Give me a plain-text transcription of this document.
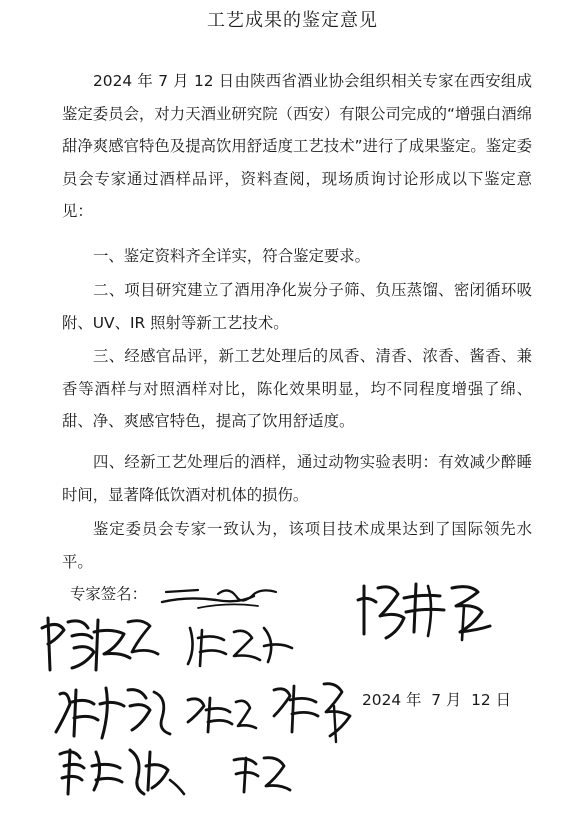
工艺成果的鉴定意见

2024 年 7 月 12 日由陕西省酒业协会组织相关专家在西安组成鉴定委员会，对力天酒业研究院（西安）有限公司完成的“增强白酒绵甜净爽感官特色及提高饮用舒适度工艺技术”进行了成果鉴定。鉴定委员会专家通过酒样品评，资料查阅，现场质询讨论形成以下鉴定意见：

一、鉴定资料齐全详实，符合鉴定要求。

二、项目研究建立了酒用净化炭分子筛、负压蒸馏、密闭循环吸附、UV、IR 照射等新工艺技术。

三、经感官品评，新工艺处理后的凤香、清香、浓香、酱香、兼香等酒样与对照酒样对比，陈化效果明显，均不同程度增强了绵、甜、净、爽感官特色，提高了饮用舒适度。

四、经新工艺处理后的酒样，通过动物实验表明：有效减少醉睡时间，显著降低饮酒对机体的损伤。

鉴定委员会专家一致认为，该项目技术成果达到了国际领先水平。

专家签名：
2024 年  7 月  12 日
